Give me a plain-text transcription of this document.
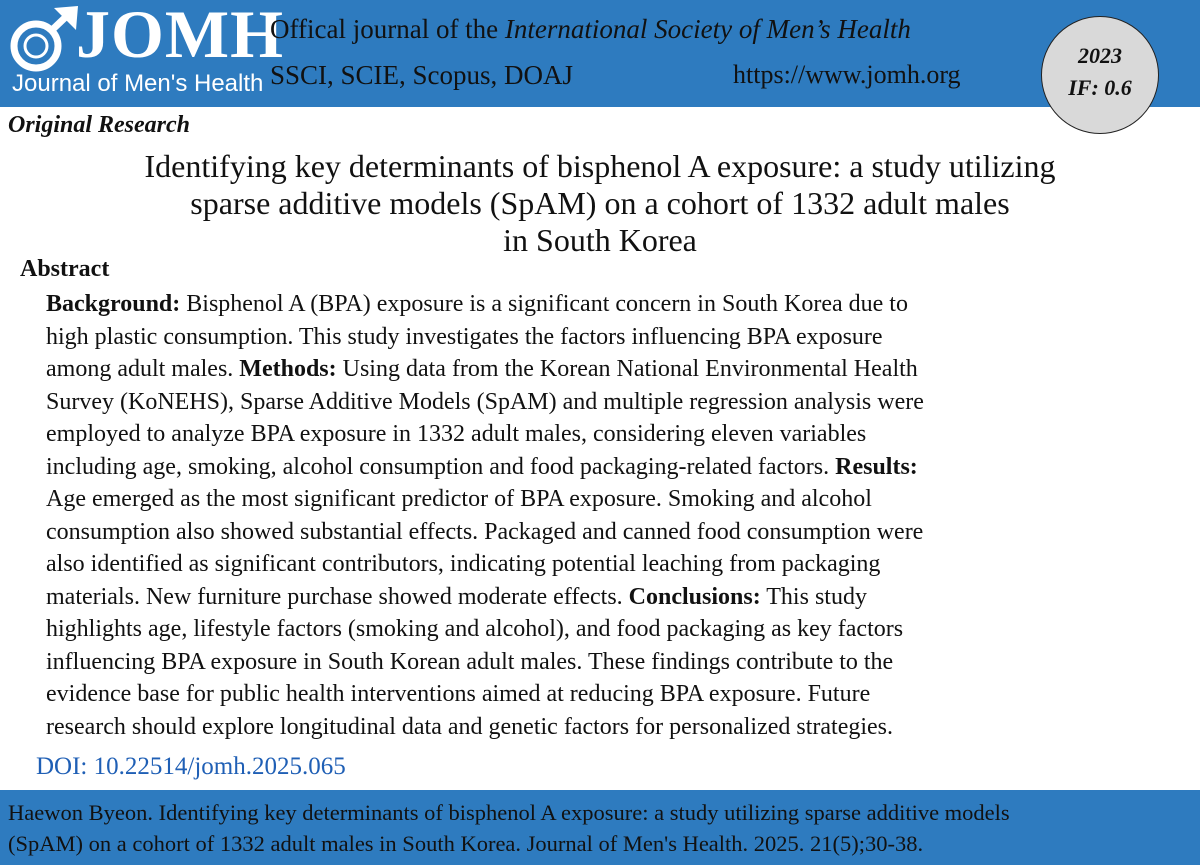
JOMH
Journal of Men's Health
Offical journal of the International Society of Men’s Health
SSCI, SCIE, Scopus, DOAJ	https://www.jomh.org
2023
IF: 0.6
Original Research
Identifying key determinants of bisphenol A exposure: a study utilizing
sparse additive models (SpAM) on a cohort of 1332 adult males
in South Korea
Abstract
Background: Bisphenol A (BPA) exposure is a significant concern in South Korea due to
high plastic consumption. This study investigates the factors influencing BPA exposure
among adult males. Methods: Using data from the Korean National Environmental Health
Survey (KoNEHS), Sparse Additive Models (SpAM) and multiple regression analysis were
employed to analyze BPA exposure in 1332 adult males, considering eleven variables
including age, smoking, alcohol consumption and food packaging-related factors. Results:
Age emerged as the most significant predictor of BPA exposure. Smoking and alcohol
consumption also showed substantial effects. Packaged and canned food consumption were
also identified as significant contributors, indicating potential leaching from packaging
materials. New furniture purchase showed moderate effects. Conclusions: This study
highlights age, lifestyle factors (smoking and alcohol), and food packaging as key factors
influencing BPA exposure in South Korean adult males. These findings contribute to the
evidence base for public health interventions aimed at reducing BPA exposure. Future
research should explore longitudinal data and genetic factors for personalized strategies.
DOI: 10.22514/jomh.2025.065
Haewon Byeon. Identifying key determinants of bisphenol A exposure: a study utilizing sparse additive models
(SpAM) on a cohort of 1332 adult males in South Korea. Journal of Men's Health. 2025. 21(5);30-38.
